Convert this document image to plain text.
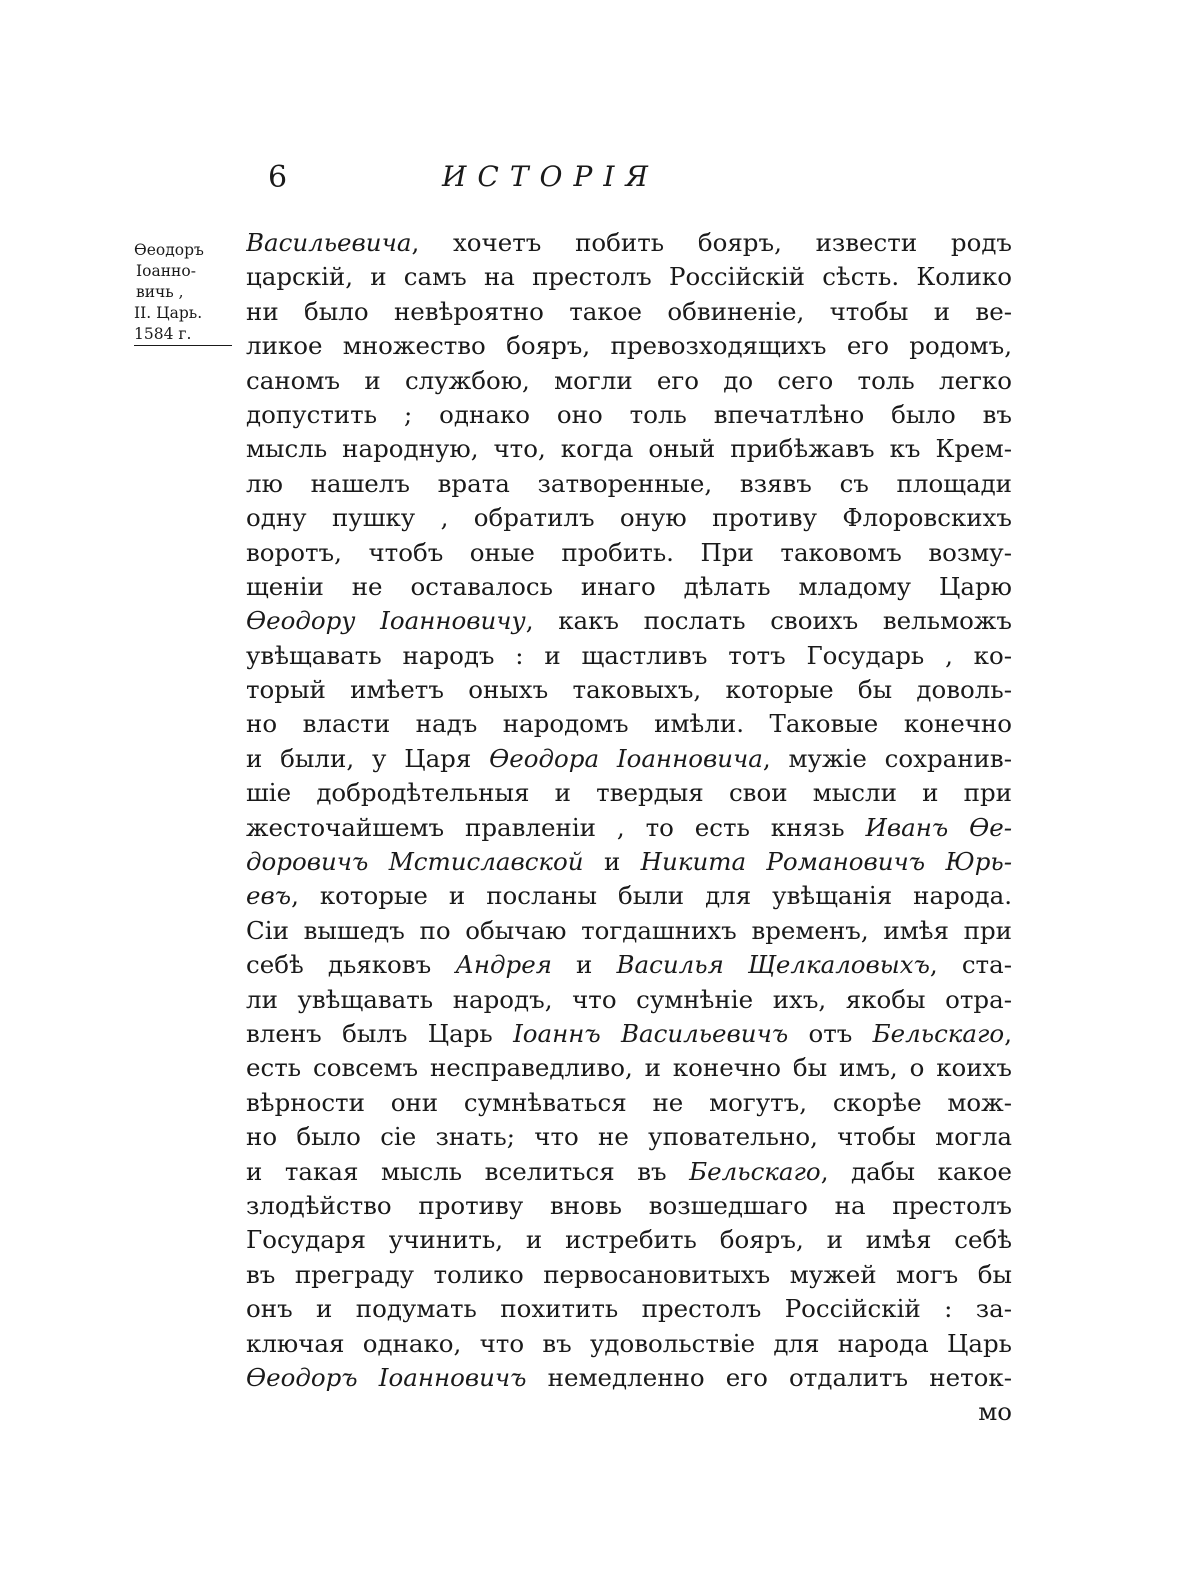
6	ИСТОРІЯ
Өеодоръ
Іоанно-
вичь ,
II. Царь.
1584 г.
Васильевича, хочетъ побить бояръ, извести родъ
царскій, и самъ на престолъ Россійскій сѣсть. Колико
ни было невѣроятно такое обвиненіе, чтобы и ве-
ликое множество бояръ, превозходящихъ его родомъ,
саномъ и службою, могли его до сего толь легко
допустить ; однако оно толь впечатлѣно было въ
мысль народную, что, когда оный прибѣжавъ къ Крем-
лю нашелъ врата затворенные, взявъ съ площади
одну пушку , обратилъ оную противу Флоровскихъ
воротъ, чтобъ оные пробить. При таковомъ возму-
щеніи не оставалось инаго дѣлать младому Царю
Өеодору Іоанновичу, какъ послать своихъ вельможъ
увѣщавать народъ : и щастливъ тотъ Государь , ко-
торый имѣетъ оныхъ таковыхъ, которые бы доволь-
но власти надъ народомъ имѣли. Таковые конечно
и были, у Царя Өеодора Іоанновича, мужіе сохранив-
шіе добродѣтельныя и твердыя свои мысли и при
жесточайшемъ правленіи , то есть князь Иванъ Өе-
доровичъ Мстиславской и Никита Романовичъ Юрь-
евъ, которые и посланы были для увѣщанія народа.
Сіи вышедъ по обычаю тогдашнихъ временъ, имѣя при
себѣ дьяковъ Андрея и Василья Щелкаловыхъ, ста-
ли увѣщавать народъ, что сумнѣніе ихъ, якобы отра-
вленъ былъ Царь Іоаннъ Васильевичъ отъ Бельскаго,
есть совсемъ несправедливо, и конечно бы имъ, о коихъ
вѣрности они сумнѣваться не могутъ, скорѣе мож-
но было сіе знать; что не уповательно, чтобы могла
и такая мысль вселиться въ Бельскаго, дабы какое
злодѣйство противу вновь возшедшаго на престолъ
Государя учинить, и истребить бояръ, и имѣя себѣ
въ преграду толико первосановитыхъ мужей могъ бы
онъ и подумать похитить престолъ Россійскій : за-
ключая однако, что въ удовольствіе для народа Царь
Өеодоръ Іоанновичъ немедленно его отдалитъ неток-
мо
